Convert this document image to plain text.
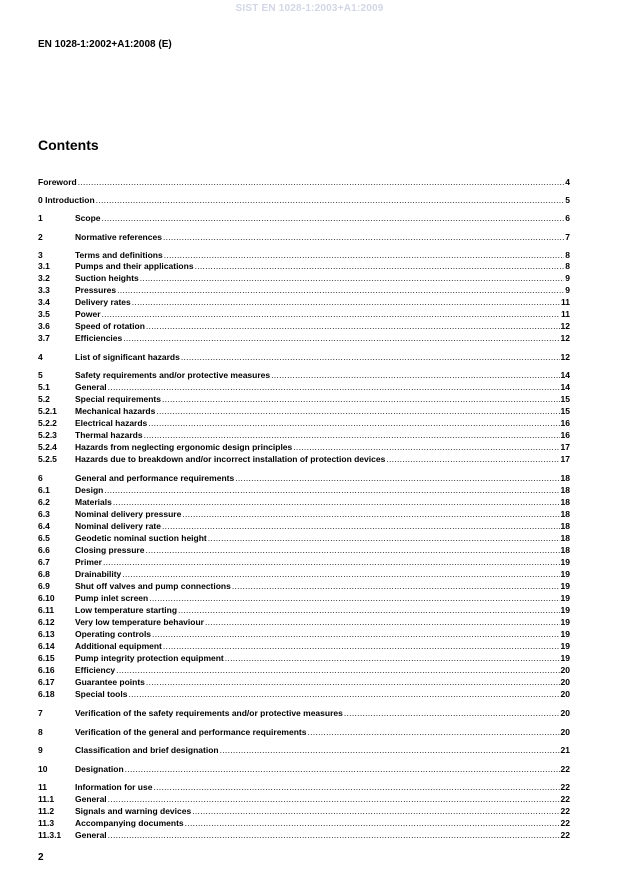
SIST EN 1028-1:2003+A1:2009
EN 1028-1:2002+A1:2008 (E)
Contents
Foreword .....	4
0 Introduction .....	5
1	Scope .....	6
2	Normative references .....	7
3	Terms and definitions .....	8
3.1	Pumps and their applications .....	8
3.2	Suction heights .....	9
3.3	Pressures .....	9
3.4	Delivery rates .....	11
3.5	Power .....	11
3.6	Speed of rotation .....	12
3.7	Efficiencies .....	12
4	List of significant hazards .....	12
5	Safety requirements and/or protective measures .....	14
5.1	General .....	14
5.2	Special requirements .....	15
5.2.1	Mechanical hazards .....	15
5.2.2	Electrical hazards .....	16
5.2.3	Thermal hazards .....	16
5.2.4	Hazards from neglecting ergonomic design principles .....	17
5.2.5	Hazards due to breakdown and/or incorrect installation of protection devices .....	17
6	General and performance requirements .....	18
6.1	Design .....	18
6.2	Materials .....	18
6.3	Nominal delivery pressure .....	18
6.4	Nominal delivery rate .....	18
6.5	Geodetic nominal suction height .....	18
6.6	Closing pressure .....	18
6.7	Primer .....	19
6.8	Drainability .....	19
6.9	Shut off valves and pump connections .....	19
6.10	Pump inlet screen .....	19
6.11	Low temperature starting .....	19
6.12	Very low temperature behaviour .....	19
6.13	Operating controls .....	19
6.14	Additional equipment .....	19
6.15	Pump integrity protection equipment .....	19
6.16	Efficiency .....	20
6.17	Guarantee points .....	20
6.18	Special tools .....	20
7	Verification of the safety requirements and/or protective measures .....	20
8	Verification of the general and performance requirements .....	20
9	Classification and brief designation .....	21
10	Designation .....	22
11	Information for use .....	22
11.1	General .....	22
11.2	Signals and warning devices .....	22
11.3	Accompanying documents .....	22
11.3.1	General .....	22
2
